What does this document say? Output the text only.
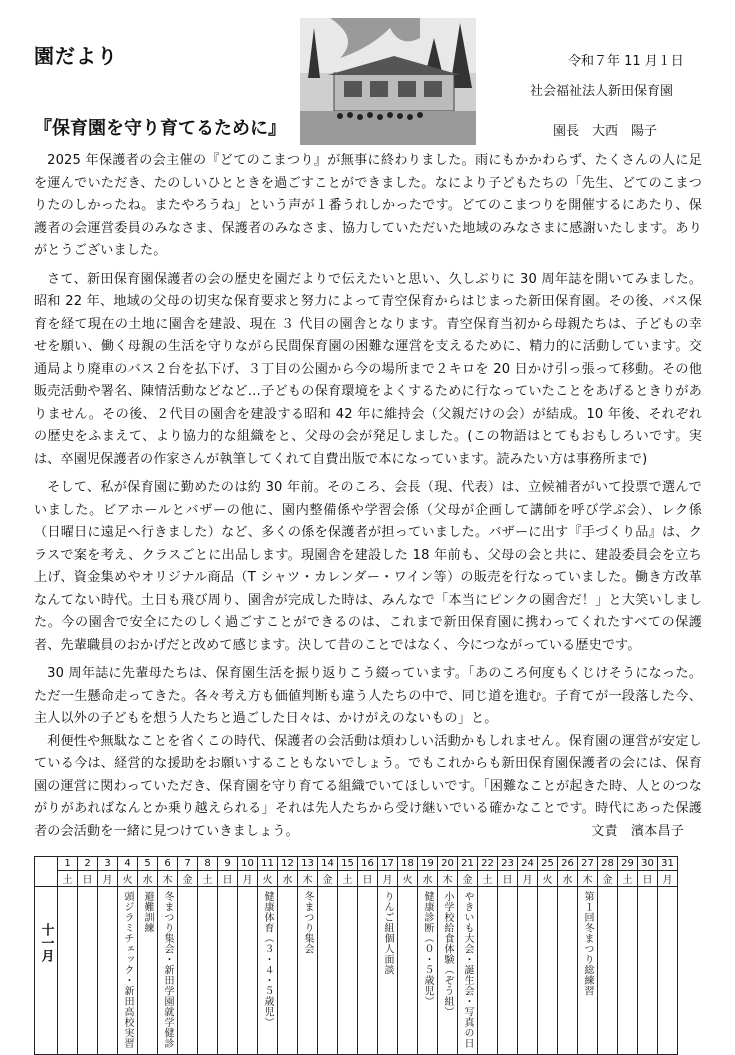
園だより
『保育園を守り育てるために』
令和７年 11 月１日
社会福祉法人新田保育園
園長　大西　陽子

2025 年保護者の会主催の『どてのこまつり』が無事に終わりました。雨にもかかわらず、たくさんの人に足を運んでいただき、たのしいひとときを過ごすことができました。なにより子どもたちの「先生、どてのこまつりたのしかったね。またやろうね」という声が１番うれしかったです。どてのこまつりを開催するにあたり、保護者の会運営委員のみなさま、保護者のみなさま、協力していただいた地域のみなさまに感謝いたします。ありがとうございました。

さて、新田保育園保護者の会の歴史を園だよりで伝えたいと思い、久しぶりに 30 周年誌を開いてみました。昭和 22 年、地域の父母の切実な保育要求と努力によって青空保育からはじまった新田保育園。その後、バス保育を経て現在の土地に園舎を建設、現在 ３ 代目の園舎となります。青空保育当初から母親たちは、子どもの幸せを願い、働く母親の生活を守りながら民間保育園の困難な運営を支えるために、精力的に活動しています。交通局より廃車のバス２台を払下げ、３丁目の公園から今の場所まで２キロを 20 日かけ引っ張って移動。その他販売活動や署名、陳情活動などなど…子どもの保育環境をよくするために行なっていたことをあげるときりがありません。その後、２代目の園舎を建設する昭和 42 年に維持会（父親だけの会）が結成。10 年後、それぞれの歴史をふまえて、より協力的な組織をと、父母の会が発足しました。(この物語はとてもおもしろいです。実は、卒園児保護者の作家さんが執筆してくれて自費出版で本になっています。読みたい方は事務所まで)

そして、私が保育園に勤めたのは約 30 年前。そのころ、会長（現、代表）は、立候補者がいて投票で選んでいました。ビアホールとバザーの他に、園内整備係や学習会係（父母が企画して講師を呼び学ぶ会）、レク係（日曜日に遠足へ行きました）など、多くの係を保護者が担っていました。バザーに出す『手づくり品』は、クラスで案を考え、クラスごとに出品します。現園舎を建設した 18 年前も、父母の会と共に、建設委員会を立ち上げ、資金集めやオリジナル商品（T シャツ・カレンダー・ワイン等）の販売を行なっていました。働き方改革なんてない時代。土日も飛び周り、園舎が完成した時は、みんなで「本当にピンクの園舎だ！」と大笑いしました。今の園舎で安全にたのしく過ごすことができるのは、これまで新田保育園に携わってくれたすべての保護者、先輩職員のおかげだと改めて感じます。決して昔のことではなく、今につながっている歴史です。

30 周年誌に先輩母たちは、保育園生活を振り返りこう綴っています。「あのころ何度もくじけそうになった。ただ一生懸命走ってきた。各々考え方も価値判断も違う人たちの中で、同じ道を進む。子育てが一段落した今、主人以外の子どもを想う人たちと過ごした日々は、かけがえのないもの」と。

利便性や無駄なことを省くこの時代、保護者の会活動は煩わしい活動かもしれません。保育園の運営が安定している今は、経営的な援助をお願いすることもないでしょう。でもこれからも新田保育園保護者の会には、保育園の運営に関わっていただき、保育園を守り育てる組織でいてほしいです。「困難なことが起きた時、人とのつながりがあればなんとか乗り越えられる」それは先人たちから受け継いでいる確かなことです。時代にあった保護者の会活動を一緒に見つけていきましょう。	文責　濱本昌子

	1	2	3	4	5	6	7	8	9	10	11	12	13	14	15	16	17	18	19	20	21	22	23	24	25	26	27	28	29	30	31
	土	日	月	火	水	木	金	土	日	月	火	水	木	金	土	日	月	火	水	木	金	土	日	月	火	水	木	金	土	日	月

十一月				頭ジラミチェック・新田高校実習	避難訓練	冬まつり集会・新田学園就学健診					健康体育（３・４・５歳児）		冬まつり集会				りんご組個人面談		健康診断（０・５歳児）	小学校給食体験（ぞう組）	やきいも大会・誕生会・写真の日						第１回冬まつり総練習				
